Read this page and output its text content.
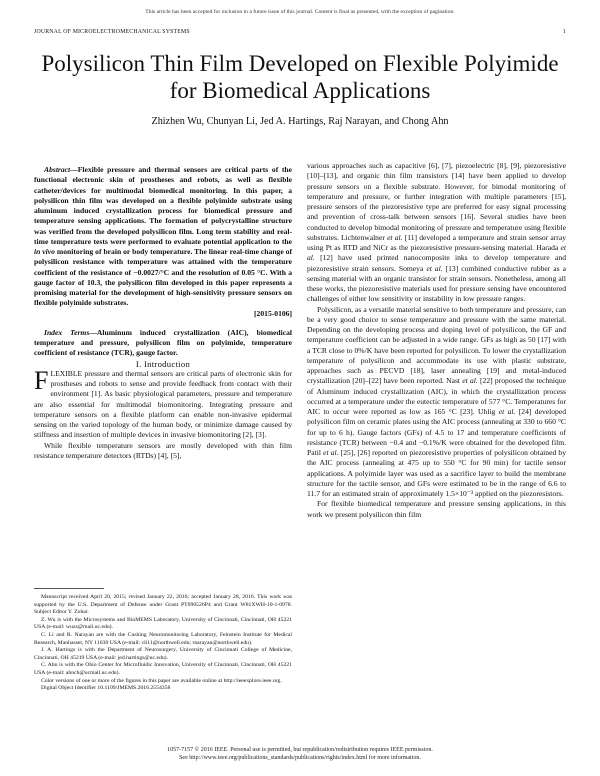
This article has been accepted for inclusion in a future issue of this journal. Content is final as presented, with the exception of pagination.
JOURNAL OF MICROELECTROMECHANICAL SYSTEMS	1
Polysilicon Thin Film Developed on Flexible Polyimide for Biomedical Applications
Zhizhen Wu, Chunyan Li, Jed A. Hartings, Raj Narayan, and Chong Ahn

Abstract—Flexible pressure and thermal sensors are critical parts of the functional electronic skin of prostheses and robots, as well as flexible catheter/devices for multimodal biomedical monitoring. In this paper, a polysilicon thin film was developed on a flexible polyimide substrate using aluminum induced crystallization process for biomedical pressure and temperature sensing applications. The formation of polycrystalline structure was verified from the developed polysilicon film. Long term stability and real-time temperature tests were performed to evaluate potential application to the in vivo monitoring of brain or body temperature. The linear real-time change of polysilicon resistance with temperature was attained with the temperature coefficient of the resistance of −0.0027/°C and the resolution of 0.05 °C. With a gauge factor of 10.3, the polysilicon film developed in this paper represents a promising material for the development of high-sensitivity pressure sensors on flexible polyimide substrates.
[2015-0106]

Index Terms—Aluminum induced crystallization (AIC), biomedical temperature and pressure, polysilicon film on polyimide, temperature coefficient of resistance (TCR), gauge factor.

I. Introduction

FLEXIBLE pressure and thermal sensors are critical parts of electronic skin for prostheses and robots to sense and provide feedback from contact with their environment [1]. As basic physiological parameters, pressure and temperature are also essential for multimodal biomonitoring. Integrating pressure and temperature sensors on a flexible platform can enable non-invasive epidermal sensing on the varied topology of the human body, or minimize damage caused by stiffness and insertion of multiple devices in invasive biomonitoring [2], [3].

While flexible temperature sensors are mostly developed with thin film resistance temperature detectors (RTDs) [4], [5],

Manuscript received April 20, 2015; revised January 22, 2016; accepted January 28, 2016. This work was supported by the U.S. Department of Defense under Grant PT090526P4 and Grant W81XWH-10-1-0978. Subject Editor Y. Zohar.

Z. Wu is with the Microsystems and BioMEMS Laboratory, University of Cincinnati, Cincinnati, OH 45221 USA (e-mail: wuzz@mail.uc.edu).

C. Li and R. Narayan are with the Cushing Neuromonitoring Laboratory, Feinstein Institute for Medical Research, Manhasset, NY 11030 USA (e-mail: cli11@northwell.edu; rnarayan@northwell.edu).

J. A. Hartings is with the Department of Neurosurgery, University of Cincinnati College of Medicine, Cincinnati, OH 45219 USA (e-mail: jed.hartings@uc.edu).

C. Ahn is with the Ohio Center for Microfluidic Innovation, University of Cincinnati, Cincinnati, OH 45221 USA (e-mail: ahnch@ucmail.uc.edu).

Color versions of one or more of the figures in this paper are available online at http://ieeexplore.ieee.org.

Digital Object Identifier 10.1109/JMEMS.2016.2554358

various approaches such as capacitive [6], [7], piezoelectric [8], [9], piezoresistive [10]–[13], and organic thin film transistors [14] have been applied to develop pressure sensors on a flexible substrate. However, for bimodal monitoring of temperature and pressure, or further integration with multiple parameters [15], pressure sensors of the piezoresistive type are preferred for easy signal processing and prevention of cross-talk between sensors [16]. Several studies have been conducted to develop bimodal monitoring of pressure and temperature using flexible substrates. Lichtenwalner et al. [11] developed a temperature and strain sensor array using Pt as RTD and NiCr as the piezoresistive pressure-sensing material. Harada et al. [12] have used printed nanocomposite inks to develop temperature and piezoresistive strain sensors. Someya et al. [13] combined conductive rubber as a sensing material with an organic transistor for strain sensors. Nonetheless, among all these works, the piezoresistive materials used for pressure sensing have encountered challenges of either low sensitivity or instability in low pressure ranges.

Polysilicon, as a versatile material sensitive to both temperature and pressure, can be a very good choice to sense temperature and pressure with the same material. Depending on the developing process and doping level of polysilicon, the GF and temperature coefficient can be adjusted in a wide range. GFs as high as 50 [17] with a TCR close to 0%/K have been reported for polysilicon. To lower the crystallization temperature of polysilicon and accommodate its use with plastic substrate, approaches such as PECVD [18], laser annealing [19] and metal-induced crystallization [20]–[22] have been reported. Nast et al. [22] proposed the technique of Aluminum induced crystallization (AIC), in which the crystallization process occurred at a temperature under the eutectic temperature of 577 °C. Temperatures for AIC to occur were reported as low as 165 °C [23]. Uhlig et al. [24] developed polysilicon film on ceramic plates using the AIC process (annealing at 330 to 660 °C for up to 6 h). Gauge factors (GFs) of 4.5 to 17 and temperature coefficients of resistance (TCR) between −0.4 and −0.1%/K were obtained for the developed film. Patil et al. [25], [26] reported on piezoresistive properties of polysilicon obtained by the AIC process (annealing at 475 up to 550 °C for 90 min) for tactile sensor applications. A polyimide layer was used as a sacrifice layer to build the membrane structure for the tactile sensor, and GFs were estimated to be in the range of 6.6 to 11.7 for an estimated strain of approximately 1.5×10⁻³ applied on the piezoresistors.

For flexible biomedical temperature and pressure sensing applications, in this work we present polysilicon thin film

1057-7157 © 2016 IEEE. Personal use is permitted, but republication/redistribution requires IEEE permission.
See http://www.ieee.org/publications_standards/publications/rights/index.html for more information.
